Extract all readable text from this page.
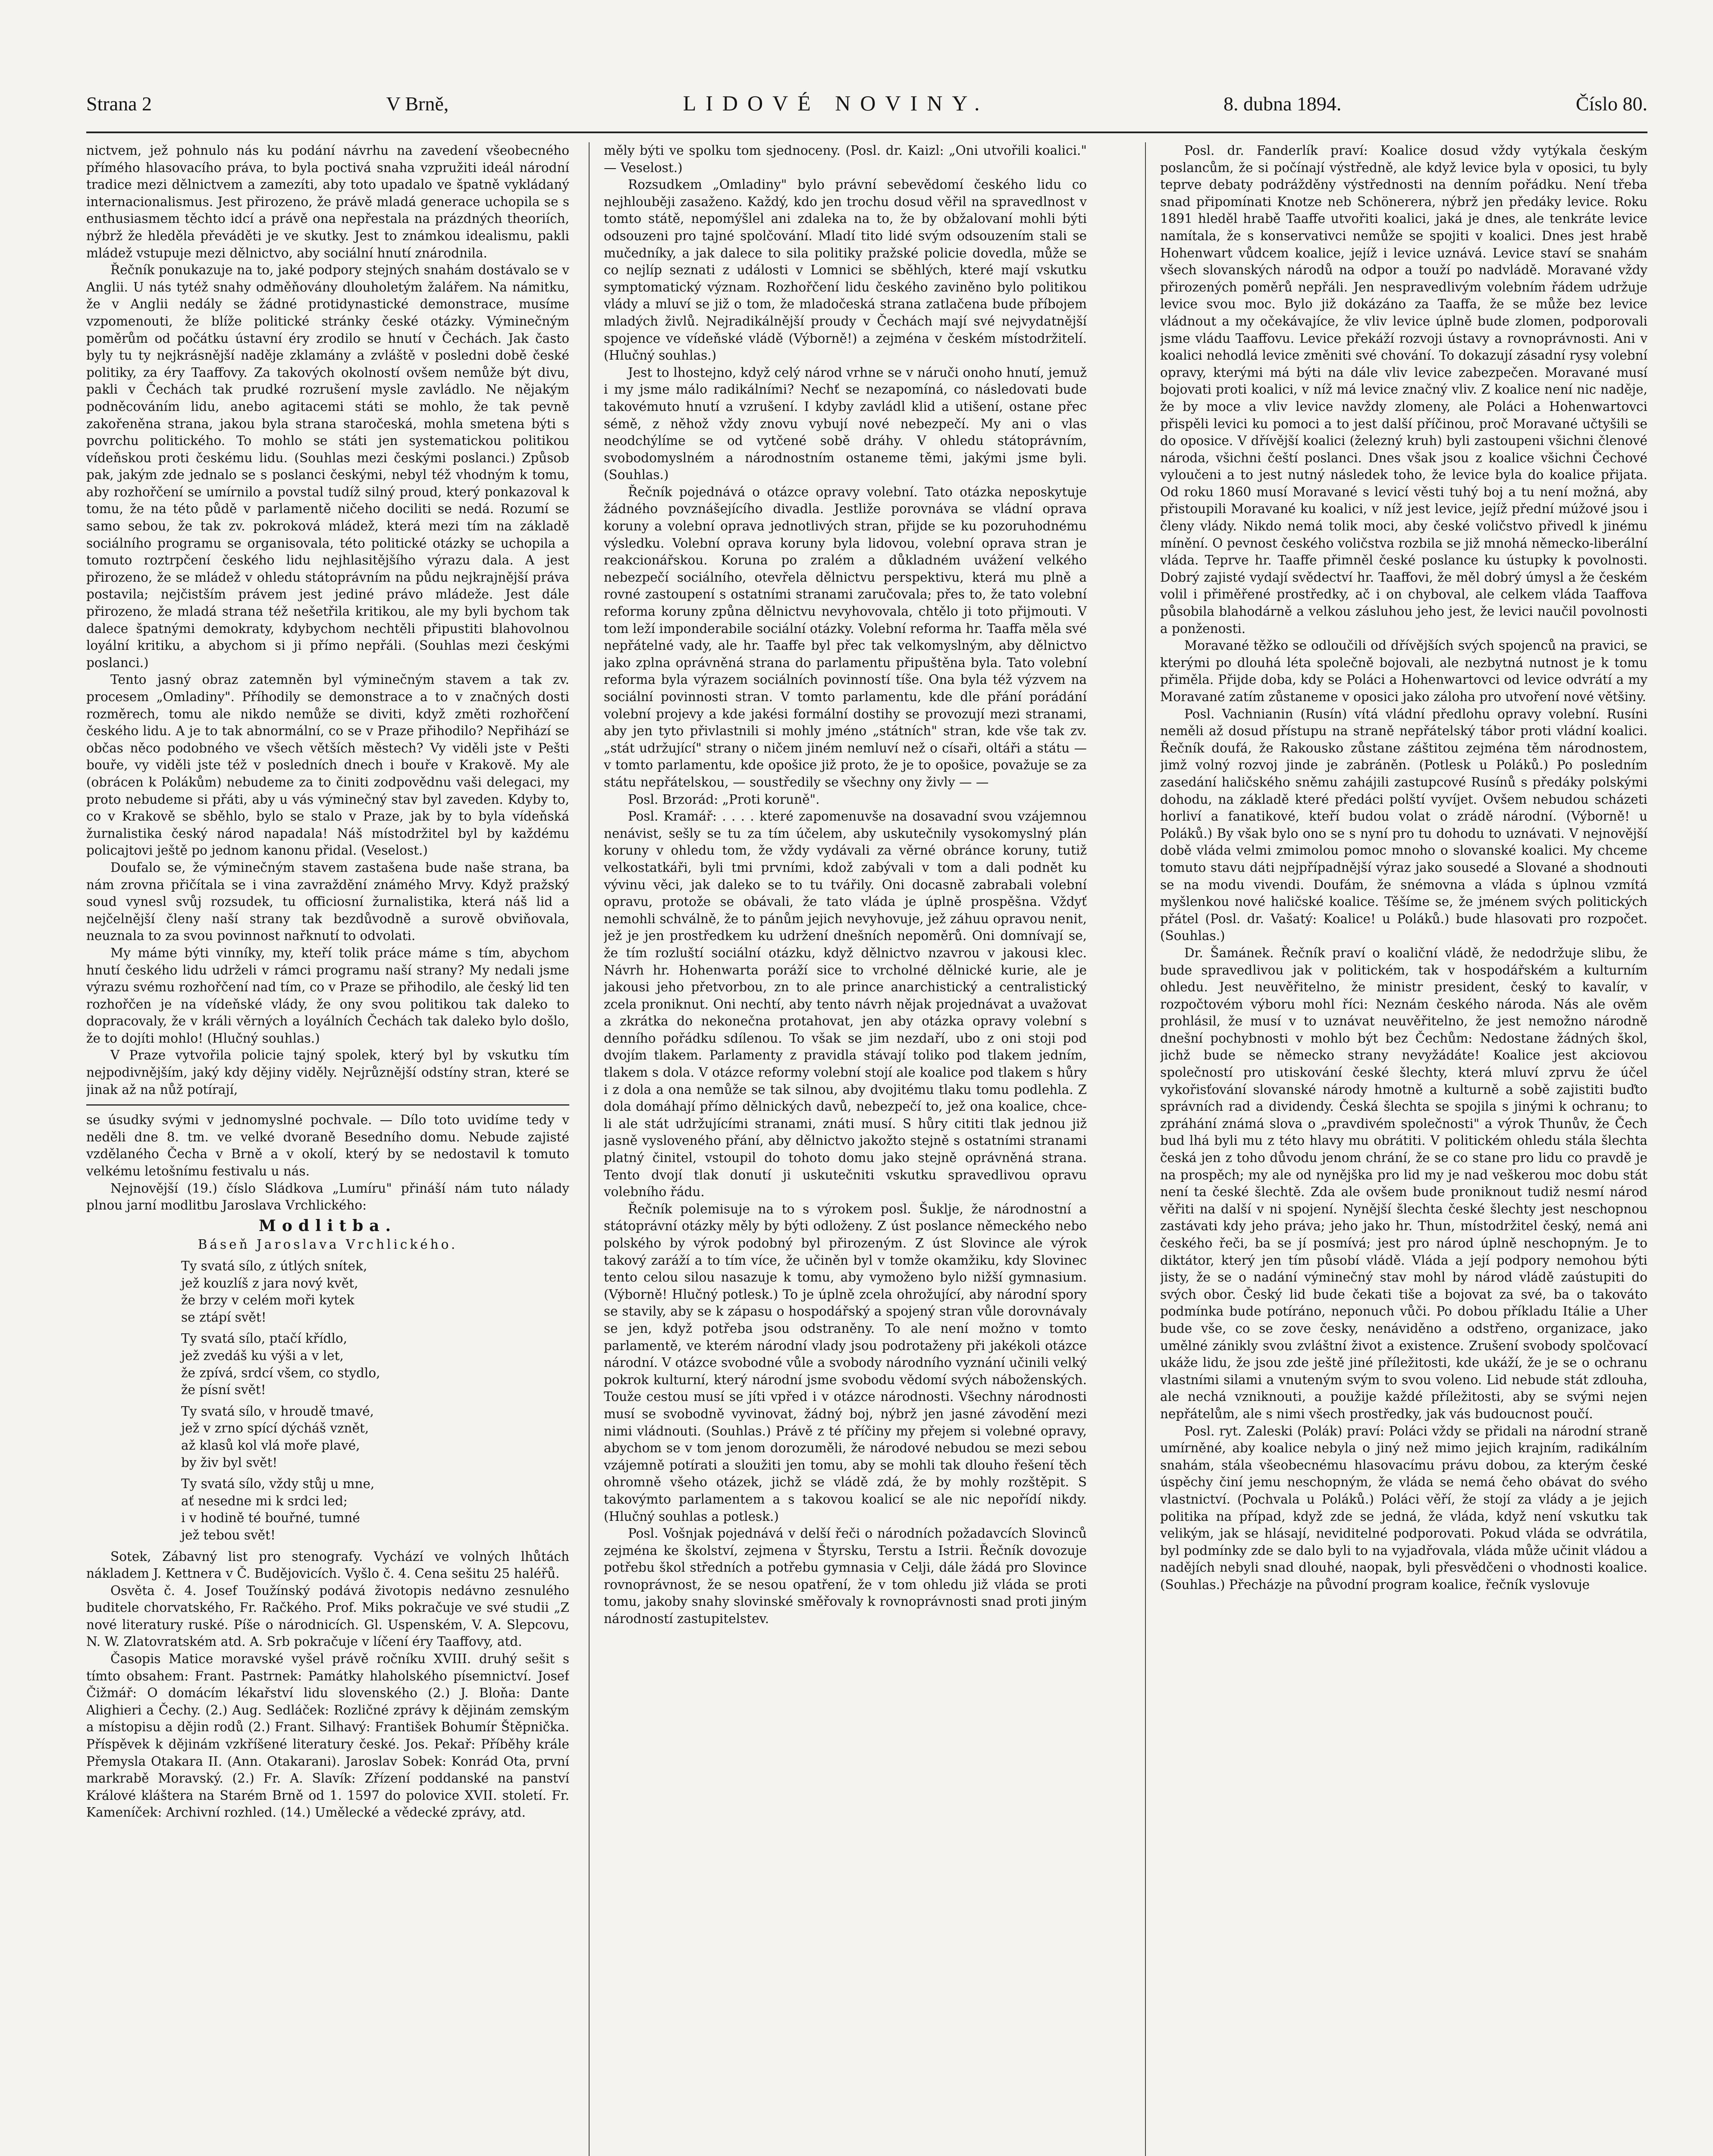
Strana 2	V Brně,	LIDOVÉ NOVINY.	8. dubna 1894.	Číslo 80.

nictvem, jež pohnulo nás ku podání návrhu na zavedení všeobecného přímého hlasovacího práva, to byla poctivá snaha vzpružiti ideál národní tradice mezi dělnictvem a zamezíti, aby toto upadalo ve špatně vykládaný internacionalismus. Jest přirozeno, že právě mladá generace uchopila se s enthusiasmem těchto idcí a právě ona nepřestala na prázdných theoriích, nýbrž že hleděla převáděti je ve skutky. Jest to známkou idealismu, pakli mládež vstupuje mezi dělnictvo, aby sociální hnutí znárodnila.

Řečník ponukazuje na to, jaké podpory stejných snahám dostávalo se v Anglii. U nás tytéž snahy odměňovány dlouholetým žalářem. Na námitku, že v Anglii nedály se žádné protidynastické demonstrace, musíme vzpomenouti, že blíže politické stránky české otázky. Výminečným poměrům od počátku ústavní éry zrodilo se hnutí v Čechách. Jak často byly tu ty nejkrásnější naděje zklamány a zvláště v posledni době české politiky, za éry Taaffovy. Za takových okolností ovšem nemůže být divu, pakli v Čechách tak prudké rozrušení mysle zavládlo. Ne nějakým podněcováním lidu, anebo agitacemi státi se mohlo, že tak pevně zakořeněna strana, jakou byla strana staročeská, mohla smetena býti s povrchu politického. To mohlo se státi jen systematickou politikou vídeňskou proti českému lidu. (Souhlas mezi českými poslanci.) Způsob pak, jakým zde jednalo se s poslanci českými, nebyl též vhodným k tomu, aby rozhořčení se umírnilo a povstal tudíž silný proud, který ponkazoval k tomu, že na této půdě v parlamentě ničeho dociliti se nedá. Rozumí se samo sebou, že tak zv. pokroková mládež, která mezi tím na základě sociálního programu se organisovala, této politické otázky se uchopila a tomuto roztrpčení českého lidu nejhlasitějšího výrazu dala. A jest přirozeno, že se mládež v ohledu státoprávním na půdu nejkrajnější práva postavila; nejčistším právem jest jediné právo mládeže. Jest dále přirozeno, že mladá strana též nešetřila kritikou, ale my byli bychom tak dalece špatnými demokraty, kdybychom nechtěli připustiti blahovolnou loyální kritiku, a abychom si ji přímo nepřáli. (Souhlas mezi českými poslanci.)

Tento jasný obraz zatemněn byl výminečným stavem a tak zv. procesem „Omladiny". Příhodily se demonstrace a to v značných dosti rozměrech, tomu ale nikdo nemůže se diviti, když změti rozhořčení českého lidu. A je to tak abnormální, co se v Praze přihodilo? Nepřihází se občas něco podobného ve všech větších městech? Vy viděli jste v Pešti bouře, vy viděli jste též v posledních dnech i bouře v Krakově. My ale (obrácen k Polákům) nebudeme za to činiti zodpovědnu vaši delegaci, my proto nebudeme si přáti, aby u vás výminečný stav byl zaveden. Kdyby to, co v Krakově se sběhlo, bylo se stalo v Praze, jak by to byla vídeňská žurnalistika český národ napadala! Náš místodržitel byl by každému policajtovi ještě po jednom kanonu přidal. (Veselost.)

Doufalo se, že výminečným stavem zastašena bude naše strana, ba nám zrovna přičítala se i vina zavraždění známého Mrvy. Když pražský soud vynesl svůj rozsudek, tu officiosní žurnalistika, která náš lid a nejčelnější členy naší strany tak bezdůvodně a surově obviňovala, neuznala to za svou povinnost nařknutí to odvolati.

My máme býti vinníky, my, kteří tolik práce máme s tím, abychom hnutí českého lidu udrželi v rámci programu naší strany? My nedali jsme výrazu svému rozhořčení nad tím, co v Praze se přihodilo, ale český lid ten rozhořčen je na vídeňské vlády, že ony svou politikou tak daleko to dopracovaly, že v králi věrných a loyálních Čechách tak daleko bylo došlo, že to dojíti mohlo! (Hlučný souhlas.)

V Praze vytvořila policie tajný spolek, který byl by vskutku tím nejpodivnějším, jaký kdy dějiny viděly. Nejrůznější odstíny stran, které se jinak až na nůž potírají,

se úsudky svými v jednomyslné pochvale. — Dílo toto uvidíme tedy v neděli dne 8. tm. ve velké dvoraně Besedního domu. Nebude zajisté vzdělaného Čecha v Brně a v okolí, který by se nedostavil k tomuto velkému letošnímu festivalu u nás.

Nejnovější (19.) číslo Sládkova „Lumíru" přináší nám tuto nálady plnou jarní modlitbu Jaroslava Vrchlického:

Modlitba.
Báseň Jaroslava Vrchlického.
Ty svatá sílo, z útlých snítek,
jež kouzlíš z jara nový květ,
že brzy v celém moři kytek
se ztápí svět!
Ty svatá sílo, ptačí křídlo,
jež zvedáš ku výši a v let,
že zpívá, srdcí všem, co stydlo,
že písní svět!
Ty svatá sílo, v hroudě tmavé,
jež v zrno spící dýcháš vznět,
až klasů kol vlá moře plavé,
by živ byl svět!
Ty svatá sílo, vždy stůj u mne,
ať nesedne mi k srdci led;
i v hodině té bouřné, tumné
jež tebou svět!

Sotek, Zábavný list pro stenografy. Vychází ve volných lhůtách nákladem J. Kettnera v Č. Budějovicích. Vyšlo č. 4. Cena sešitu 25 haléřů.

Osvěta č. 4. Josef Toužínský podává životopis nedávno zesnulého buditele chorvatského, Fr. Račkého. Prof. Miks pokračuje ve své studii „Z nové literatury ruské. Píše o národnicích. Gl. Uspenském, V. A. Slepcovu, N. W. Zlatovratském atd. A. Srb pokračuje v líčení éry Taaffovy, atd.

Časopis Matice moravské vyšel právě ročníku XVIII. druhý sešit s tímto obsahem: Frant. Pastrnek: Památky hlaholského písemnictví. Josef Čižmář: O domácím lékařství lidu slovenského (2.) J. Bloňa: Dante Alighieri a Čechy. (2.) Aug. Sedláček: Rozličné zprávy k dějinám zemským a místopisu a dějin rodů (2.) Frant. Silhavý: František Bohumír Štěpnička. Příspěvek k dějinám vzkříšené literatury české. Jos. Pekař: Příběhy krále Přemysla Otakara II. (Ann. Otakarani). Jaroslav Sobek: Konrád Ota, první markrabě Moravský. (2.) Fr. A. Slavík: Zřízení poddanské na panství Králové kláštera na Starém Brně od 1. 1597 do polovice XVII. století. Fr. Kameníček: Archivní rozhled. (14.) Umělecké a vědecké zprávy, atd.

měly býti ve spolku tom sjednoceny. (Posl. dr. Kaizl: „Oni utvořili koalici." — Veselost.)

Rozsudkem „Omladiny" bylo právní sebevědomí českého lidu co nejhlouběji zasaženo. Každý, kdo jen trochu dosud věřil na spravedlnost v tomto státě, nepomýšlel ani zdaleka na to, že by obžalovaní mohli býti odsouzeni pro tajné spolčování. Mladí tito lidé svým odsouzením stali se mučedníky, a jak dalece to sila politiky pražské policie dovedla, může se co nejlíp seznati z události v Lomnici se sběhlých, které mají vskutku symptomatický význam. Rozhořčení lidu českého zaviněno bylo politikou vlády a mluví se již o tom, že mladočeská strana zatlačena bude příbojem mladých živlů. Nejradikálnější proudy v Čechách mají své nejvydatnější spojence ve vídeňské vládě (Výborně!) a zejména v českém místodržitelí. (Hlučný souhlas.)

Jest to lhostejno, když celý národ vrhne se v náruči onoho hnutí, jemuž i my jsme málo radikálními? Nechť se nezapomíná, co následovati bude takovémuto hnutí a vzrušení. I kdyby zavládl klid a utišení, ostane přec sémě, z něhož vždy znovu vybují nové nebezpečí. My ani o vlas neodchýlíme se od vytčené sobě dráhy. V ohledu státoprávním, svobodomyslném a národnostním ostaneme těmi, jakými jsme byli. (Souhlas.)

Řečník pojednává o otázce opravy volební. Tato otázka neposkytuje žádného povznášejícího divadla. Jestliže porovnáva se vládní oprava koruny a volební oprava jednotlivých stran, přijde se ku pozoruhodnému výsledku. Volební oprava koruny byla lidovou, volební oprava stran je reakcionářskou. Koruna po zralém a důkladném uvážení velkého nebezpečí sociálního, otevřela dělnictvu perspektivu, která mu plně a rovné zastoupení s ostatními stranami zaručovala; přes to, že tato volební reforma koruny způna dělnictvu nevyhovovala, chtělo ji toto přijmouti. V tom leží imponderabile sociální otázky. Volební reforma hr. Taaffa měla své nepřátelné vady, ale hr. Taaffe byl přec tak velkomyslným, aby dělnictvo jako zplna oprávněná strana do parlamentu připuštěna byla. Tato volební reforma byla výrazem sociálních povinností tíše. Ona byla též výzvem na sociální povinnosti stran. V tomto parlamentu, kde dle přání porádání volební projevy a kde jakési formální dostihy se provozují mezi stranami, aby jen tyto přivlastnili si mohly jméno „státních" stran, kde vše tak zv. „stát udržující" strany o ničem jiném nemluví než o císaři, oltáři a státu — v tomto parlamentu, kde opošice již proto, že je to opošice, považuje se za státu nepřátelskou, — soustředily se všechny ony živly — —

Posl. Brzorád: „Proti koruně".

Posl. Kramář: . . . . které zapomenuvše na dosavadní svou vzájemnou nenávist, sešly se tu za tím účelem, aby uskutečnily vysokomyslný plán koruny v ohledu tom, že vždy vydávali za věrné obránce koruny, tutiž velkostatkáři, byli tmi prvními, kdož zabývali v tom a dali podnět ku vývinu věci, jak daleko se to tu tvářily. Oni docasně zabrabali volební opravu, protože se obávali, že tato vláda je úplně prospěšna. Vždyť nemohli schválně, že to pánům jejich nevyhovuje, jež záhuu opravou nenit, jež je jen prostředkem ku udržení dnešních nepoměrů. Oni domnívají se, že tím rozluští sociální otázku, když dělnictvo nzavrou v jakousi klec. Návrh hr. Hohenwarta poráží sice to vrcholné dělnické kurie, ale je jakousi jeho přetvorbou, zn to ale prince anarchistický a centralistický zcela proniknut. Oni nechtí, aby tento návrh nějak projednávat a uvažovat a zkrátka do nekonečna protahovat, jen aby otázka opravy volební s denního pořádku sdílenou. To však se jim nezdaří, ubo z oni stoji pod dvojím tlakem. Parlamenty z pravidla stávají tolikо pod tlakem jedním, tlakem s dola. V otázce reformy volební stojí ale koalice pod tlakem s hůry i z dola a ona nemůže se tak silnou, aby dvojitému tlaku tomu podlehla. Z dola domáhají přímo dělnických davů, nebezpečí to, jež ona koalice, chce-li ale stát udržujícími stranami, znáti musí. S hůry cititi tlak jednou již jasně vysloveného přání, aby dělnictvo jakožto stejně s ostatními stranami platný činitel, vstoupil do tohoto domu jako stejně oprávněná strana. Tento dvojí tlak donutí ji uskutečniti vskutku spravedlivou opravu volebního řádu.

Řečník polemisuje na to s výrokem posl. Šuklje, že národnostní a státoprávní otázky měly by býti odloženy. Z úst poslance německého nebo polského by výrok podobný byl přirozeným. Z úst Slovince ale výrok takový zaráží a to tím více, že učiněn byl v tomže okamžiku, kdy Slovinec tento celou silou nasazuje k tomu, aby vymoženo bylo nižší gymnasium. (Výborně! Hlučný potlesk.) To je úplně zcela ohrožující, aby národní spory se stavily, aby se k zápasu o hospodářský a spojený stran vůle dorovnávaly se jen, když potřeba jsou odstraněny. To ale není možno v tomto parlamentě, ve kterém národní vlady jsou podrotaženy při jakékoli otázce národní. V otázce svobodné vůle a svobody národního vyznání učinili velký pokrok kulturní, který národní jsme svobodu vědomí svých náboženských. Touže cestou musí se jíti vpřed i v otázce národnosti. Všechny národnosti musí se svobodně vyvinovat, žádný boj, nýbrž jen jasné závodění mezi nimi vládnouti. (Souhlas.) Právě z té příčiny my přejem si volebné opravy, abychom se v tom jenom dorozuměli, že národové nebudou se mezi sebou vzájemně potírati a sloužiti jen tomu, aby se mohli tak dlouho řešení těch ohromně všeho otázek, jichž se vládě zdá, že by mohly rozštěpit. S takovýmto parlamentem a s takovou koalicí se ale nic nepořídí nikdy. (Hlučný souhlas a potlesk.)

Posl. Vošnjak pojednává v delší řeči o národních požadavcích Slovinců zejména ke školství, zejmena v Štyrsku, Terstu a Istrii. Řečník dovozuje potřebu škol středních a potřebu gymnasia v Celji, dále žádá pro Slovince rovnoprávnost, že se nesou opatření, že v tom ohledu již vláda se proti tomu, jakoby snahy slovinské směřovaly k rovnoprávnosti snad proti jiným národností zastupitelstev.

Posl. dr. Fanderlík praví: Koalice dosud vždy vytýkala českým poslancům, že si počínají výstředně, ale když levice byla v oposici, tu byly teprve debaty podrážděny výstřednosti na denním pořádku. Není třeba snad připomínati Knotze neb Schönerera, nýbrž jen předáky levice. Roku 1891 hleděl hrabě Taaffe utvořiti koalici, jaká je dnes, ale tenkráte levice namítala, že s konservativci nemůže se spojiti v koalici. Dnes jest hrabě Hohenwart vůdcem koalice, jejíž i levice uznává. Levice staví se snahám všech slovanských národů na odpor a touží po nadvládě. Moravané vždy přirozených poměrů nepřáli. Jen nespravedlivým volebním řádem udržuje levice svou moc. Bylo již dokázáno za Taaffa, že se může bez levice vládnout a my očekávajíce, že vliv levice úplně bude zlomen, podporovali jsme vládu Taaffovu. Levice překáží rozvoji ústavy a rovnoprávnosti. Ani v koalici nehodlá levice změniti své chování. To dokazují zásadní rysy volební opravy, kterými má býti na dále vliv levice zabezpečen. Moravané musí bojovati proti koalici, v níž má levice značný vliv. Z koalice není nic naděje, že by moce a vliv levice navždy zlomeny, ale Poláci a Hohenwartovci přispěli levici ku pomoci a to jest další příčinou, proč Moravané učtyšili se do oposice. V dřívější koalici (železný kruh) byli zastoupeni všichni členové národa, všichni čeští poslanci. Dnes však jsou z koalice všichni Čechové vyloučeni a to jest nutný následek toho, že levice byla do koalice přijata. Od roku 1860 musí Moravané s levicí věsti tuhý boj a tu není možná, aby přistoupili Moravané ku koalici, v níž jest levice, jejíž přední múžové jsou i členy vlády. Nikdo nemá tolik moci, aby české voličstvo přivedl k jinému mínění. O pevnost českého voličstva rozbila se již mnohá německo-liberální vláda. Teprve hr. Taaffe přimněl české poslance ku ústupky k povolnosti. Dobrý zajisté vydají svědectví hr. Taaffovi, že měl dobrý úmysl a že českém volil i přiměřené prostředky, ač i on chyboval, ale celkem vláda Taaffova působila blahodárně a velkou zásluhou jeho jest, že levici naučil povolnosti a ponženosti.

Moravané těžko se odloučili od dřívějších svých spojenců na pravici, se kterými po dlouhá léta společně bojovali, ale nezbytná nutnost je k tomu přiměla. Přijde doba, kdy se Poláci a Hohenwartovci od levice odvrátí a my Moravané zatím zůstaneme v oposici jako záloha pro utvoření nové většiny.

Posl. Vachnianin (Rusín) vítá vládní předlohu opravy volební. Rusíni neměli až dosud přístupu na straně nepřátelský tábor proti vládní koalici. Řečník doufá, že Rakousko zůstane záštitou zejména těm národnostem, jimž volný rozvoj jinde je zabráněn. (Potlesk u Poláků.) Po posledním zasedání haličského sněmu zahájili zastupcové Rusínů s předáky polskými dohodu, na základě které předáci polští vyvíjet. Ovšem nebudou scházeti horliví a fanatikové, kteří budou volat o zrádě národní. (Výborně! u Poláků.) By však bylo ono se s nyní pro tu dohodu to uznávati. V nejnovější době vláda velmi zmimolou pomoc mnoho o slovanské koalici. My chceme tomuto stavu dáti nejpřípadnější výraz jako sousedé a Slované a shodnouti se na modu vivendi. Doufám, že snémovna a vláda s úplnou vzmítá myšlenkou nové haličské koalice. Těšíme se, že jménem svých politických přátel (Posl. dr. Vašatý: Koalice! u Poláků.) bude hlasovati pro rozpočet. (Souhlas.)

Dr. Šamánek. Řečník praví o koaliční vládě, že nedodržuje slibu, že bude spravedlivou jak v politickém, tak v hospodářském a kulturním ohledu. Jest neuvěřitelno, že ministr president, český to kavalír, v rozpočtovém výboru mohl říci: Neznám českého národa. Nás ale ověm prohlásil, že musí v to uznávat neuvěřitelno, že jest nemožno národně dnešní pochybnosti v mohlo být bez Čechům: Nedostane žádných škol, jichž bude se německo strany nevyžádáte! Koalice jest akciovou společností pro utiskování české šlechty, která mluví zprvu že účel vykořisťování slovanské národy hmotně a kulturně a sobě zajistiti buďto správních rad a dividendy. Česká šlechta se spojila s jinými k ochranu; to zpráhání známá slova o „pravdivém společnosti" a výrok Thunův, že Čech bud lhá byli mu z této hlavy mu obrátiti. V politickém ohledu stála šlechta česká jen z toho důvodu jenom chrání, že se co stane pro lidu co pravdě je na prospěch; my ale od nynějška pro lid my je nad veškerou moc dobu stát není ta české šlechtě. Zda ale ovšem bude proniknout tudiž nesmí národ věřiti na další v ni spojení. Nynější šlechta české šlechty jest neschopnou zastávati kdy jeho práva; jeho jako hr. Thun, místodržitel český, nemá ani českého řeči, ba se jí posmívá; jest pro národ úplně neschopným. Je to diktátor, který jen tím působí vládě. Vláda a její podpory nemohou býti jisty, že se o nadání výminečný stav mohl by národ vládě zaústupiti do svých obor. Český lid bude čekati tiše a bojovat za své, ba o takováto podmínka bude potíráno, neponuch vůči. Po dobou příkladu Itálie a Uher bude vše, co se zove česky, nenáviděno a odstřeno, organizace, jako umělné zánikly svou zvláštní život a existence. Zrušení svobody spolčovací ukáže lidu, že jsou zde ještě jiné příležitosti, kde ukáží, že je se o ochranu vlastními silami a vnuteným svým to svou voleno. Lid nebude stát zdlouha, ale nechá vzniknouti, a použije každé příležitosti, aby se svými nejen nepřátelům, ale s nimi všech prostředky, jak vás budoucnost poučí.

Posl. ryt. Zaleski (Polák) praví: Poláci vždy se přidali na národní straně umírněné, aby koalice nebyla o jiný než mimo jejich krajním, radikálním snahám, stála všeobecnému hlasovacímu právu dobou, za kterým české úspěchy činí jemu neschopným, že vláda se nemá čeho obávat do svého vlastnictví. (Pochvala u Poláků.) Poláci věří, že stojí za vlády a je jejich politika na případ, když zde se jedná, že vláda, když není vskutku tak velikým, jak se hlásají, neviditelné podporovati. Pokud vláda se odvrátila, byl podmínky zde se dalo byli to na vyjadřovala, vláda může učinit vládou a nadějích nebyli snad dlouhé, naopak, byli přesvědčeni o vhodnosti koalice. (Souhlas.) Přecházje na původní program koalice, řečník vyslovuje
